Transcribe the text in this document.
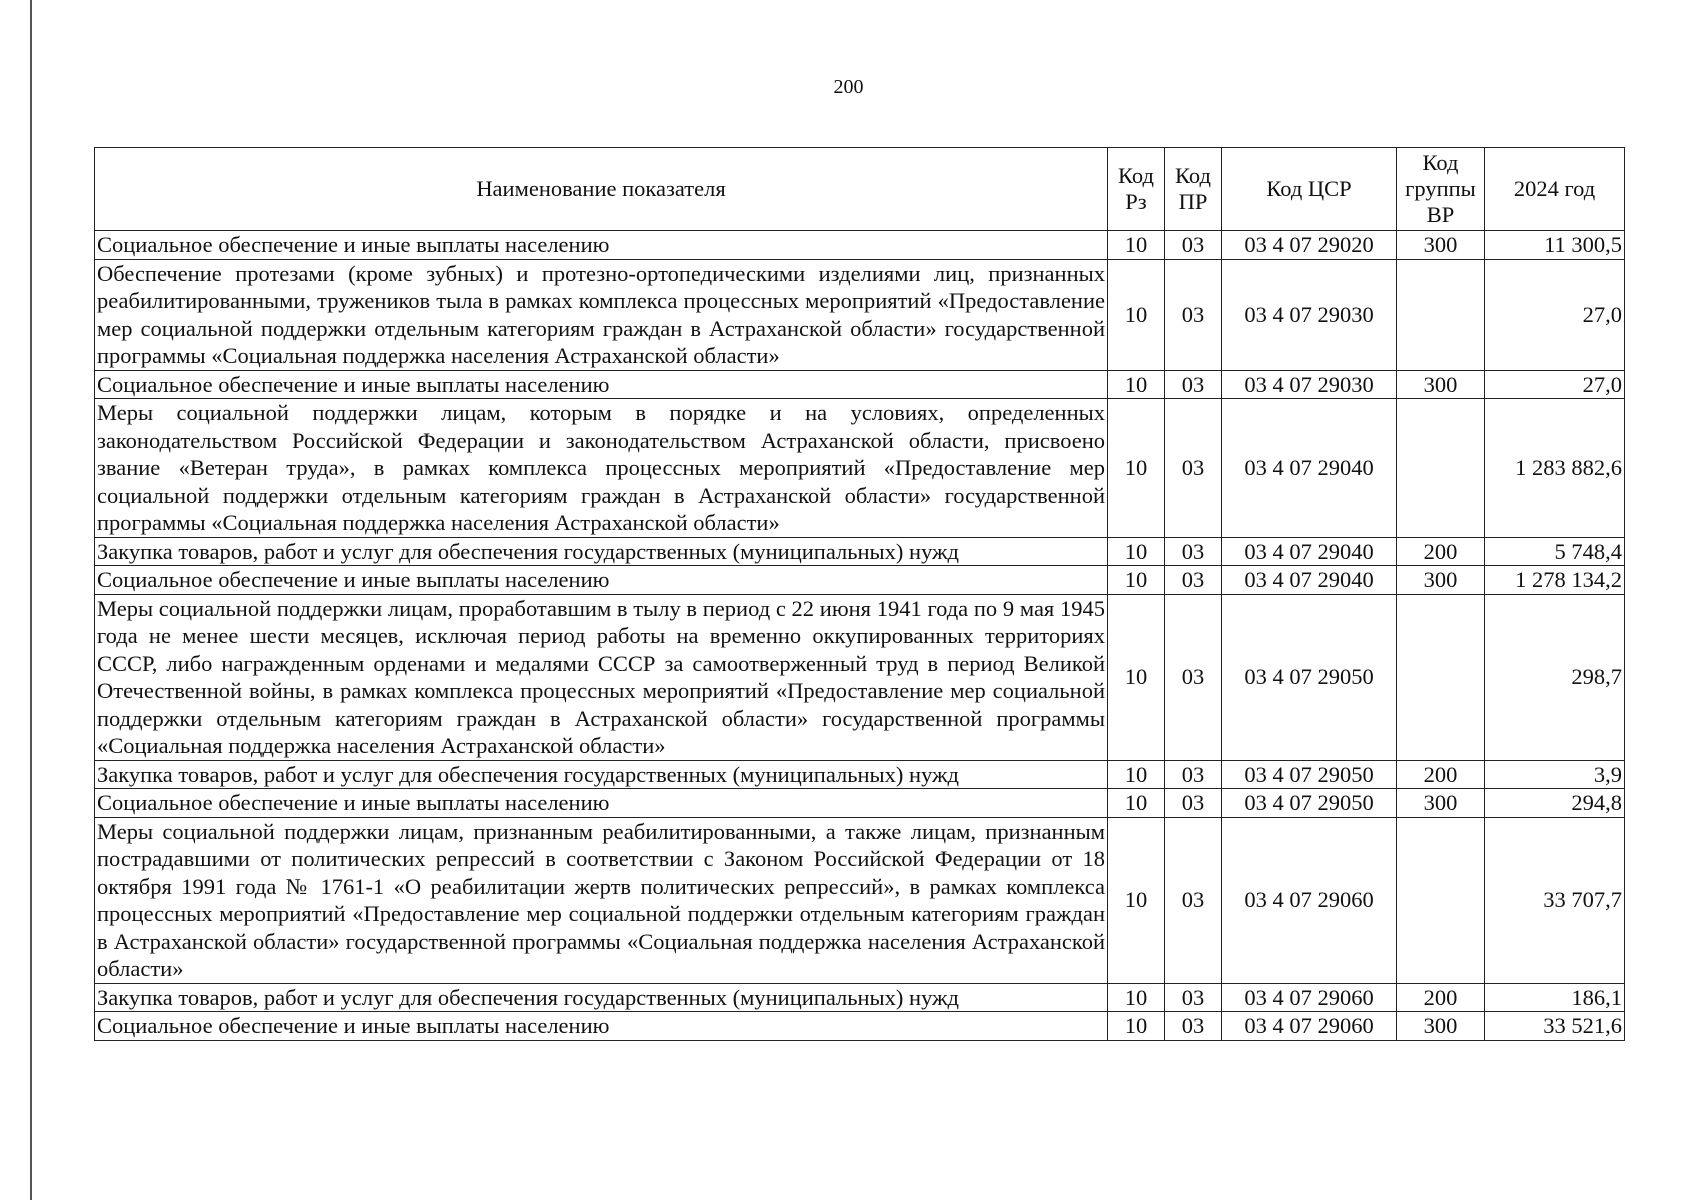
200
Наименование показателя	Код Рз	Код ПР	Код ЦСР	Код группы ВР	2024 год
Социальное обеспечение и иные выплаты населению	10	03	03 4 07 29020	300	11 300,5
Обеспечение протезами (кроме зубных) и протезно-ортопедическими изделиями лиц, признанных реабилитированными, тружеников тыла в рамках комплекса процессных мероприятий «Предоставление мер социальной поддержки отдельным категориям граждан в Астраханской области» государственной программы «Социальная поддержка населения Астраханской области»	10	03	03 4 07 29030		27,0
Социальное обеспечение и иные выплаты населению	10	03	03 4 07 29030	300	27,0
Меры социальной поддержки лицам, которым в порядке и на условиях, определенных законодательством Российской Федерации и законодательством Астраханской области, присвоено звание «Ветеран труда», в рамках комплекса процессных мероприятий «Предоставление мер социальной поддержки отдельным категориям граждан в Астраханской области» государственной программы «Социальная поддержка населения Астраханской области»	10	03	03 4 07 29040		1 283 882,6
Закупка товаров, работ и услуг для обеспечения государственных (муниципальных) нужд	10	03	03 4 07 29040	200	5 748,4
Социальное обеспечение и иные выплаты населению	10	03	03 4 07 29040	300	1 278 134,2
Меры социальной поддержки лицам, проработавшим в тылу в период с 22 июня 1941 года по 9 мая 1945 года не менее шести месяцев, исключая период работы на временно оккупированных территориях СССР, либо награжденным орденами и медалями СССР за самоотверженный труд в период Великой Отечественной войны, в рамках комплекса процессных мероприятий «Предоставление мер социальной поддержки отдельным категориям граждан в Астраханской области» государственной программы «Социальная поддержка населения Астраханской области»	10	03	03 4 07 29050		298,7
Закупка товаров, работ и услуг для обеспечения государственных (муниципальных) нужд	10	03	03 4 07 29050	200	3,9
Социальное обеспечение и иные выплаты населению	10	03	03 4 07 29050	300	294,8
Меры социальной поддержки лицам, признанным реабилитированными, а также лицам, признанным пострадавшими от политических репрессий в соответствии с Законом Российской Федерации от 18 октября 1991 года № 1761-1 «О реабилитации жертв политических репрессий», в рамках комплекса процессных мероприятий «Предоставление мер социальной поддержки отдельным категориям граждан в Астраханской области» государственной программы «Социальная поддержка населения Астраханской области»	10	03	03 4 07 29060		33 707,7
Закупка товаров, работ и услуг для обеспечения государственных (муниципальных) нужд	10	03	03 4 07 29060	200	186,1
Социальное обеспечение и иные выплаты населению	10	03	03 4 07 29060	300	33 521,6
